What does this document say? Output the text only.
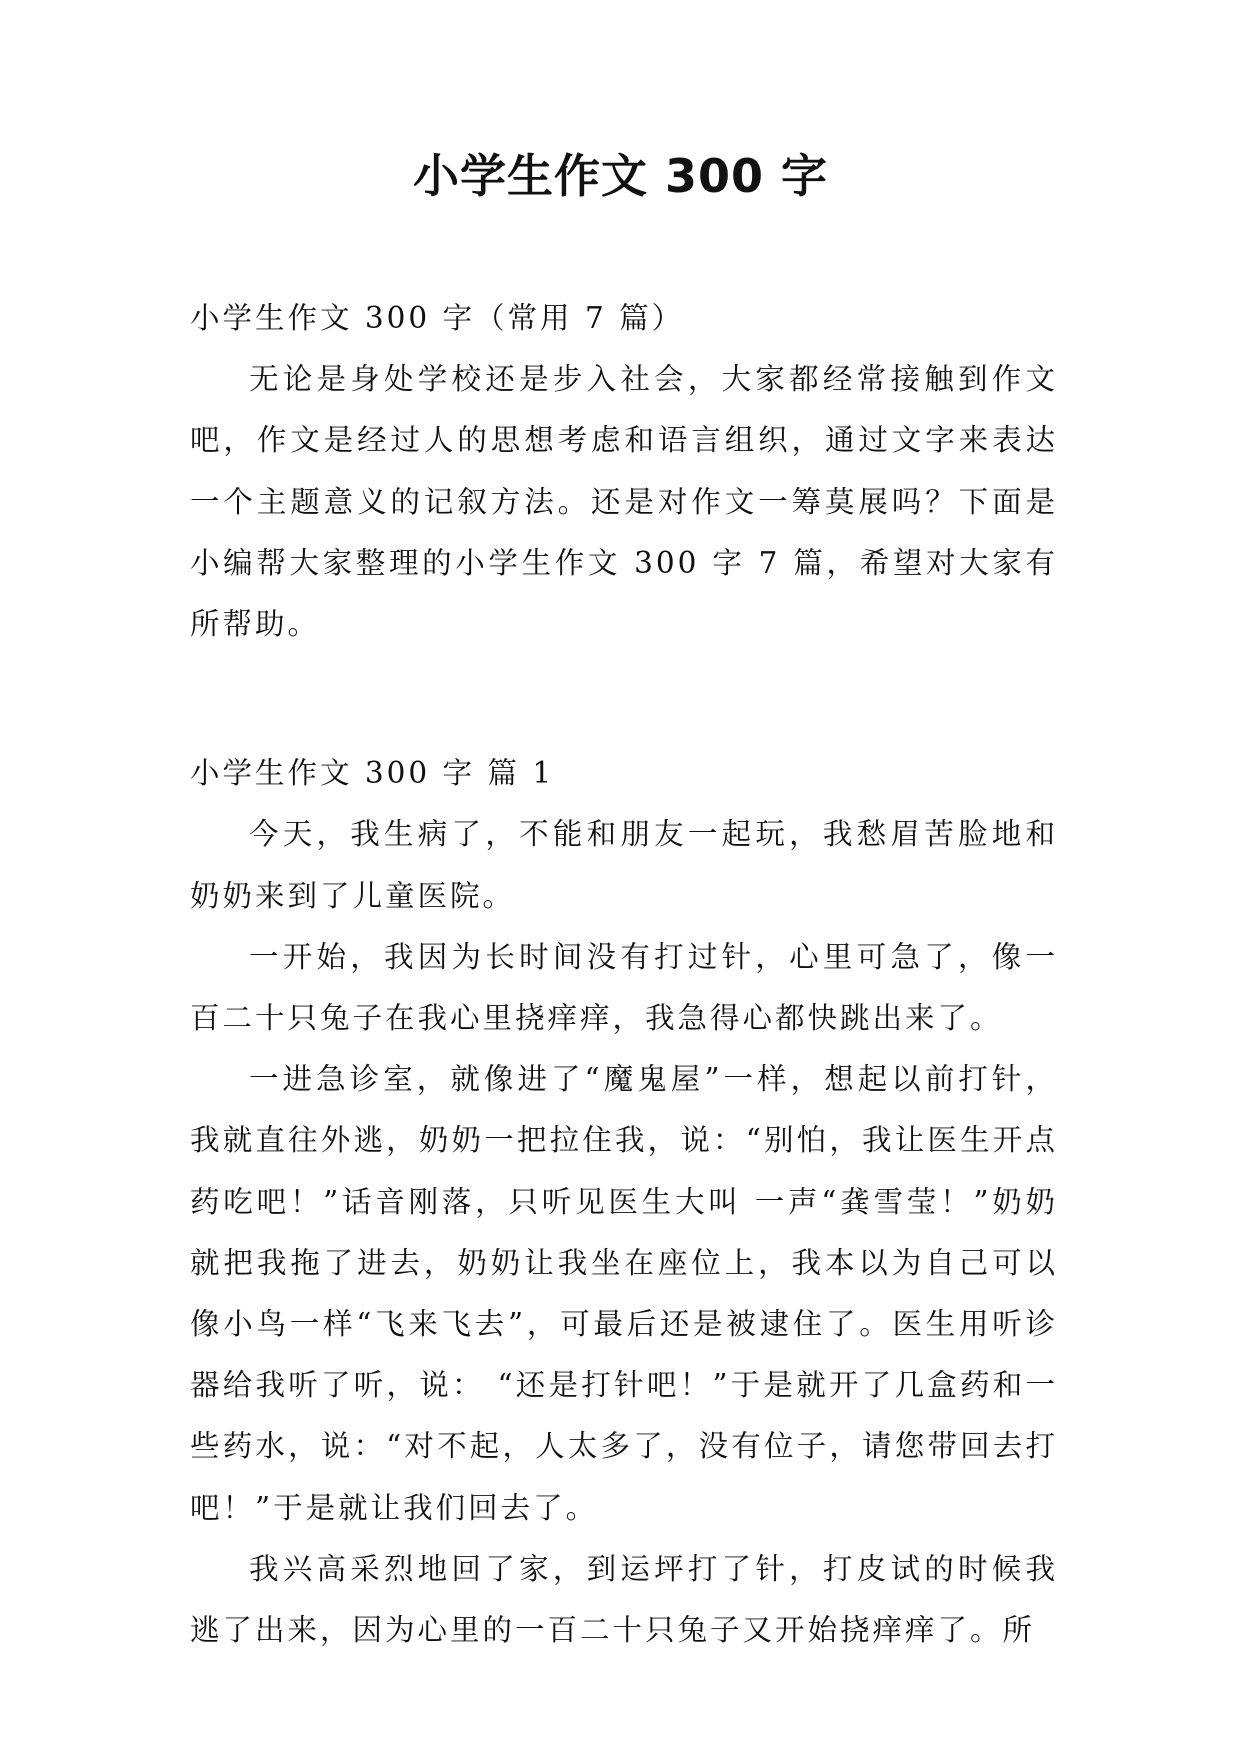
小学生作文 300 字

小学生作文 300 字（常用 7 篇）

无论是身处学校还是步入社会，大家都经常接触到作文吧，作文是经过人的思想考虑和语言组织，通过文字来表达一个主题意义的记叙方法。还是对作文一筹莫展吗？下面是小编帮大家整理的小学生作文 300 字 7 篇，希望对大家有所帮助。

小学生作文 300 字 篇 1

今天，我生病了，不能和朋友一起玩，我愁眉苦脸地和奶奶来到了儿童医院。

一开始，我因为长时间没有打过针，心里可急了，像一百二十只兔子在我心里挠痒痒，我急得心都快跳出来了。

一进急诊室，就像进了“魔鬼屋”一样，想起以前打针，我就直往外逃，奶奶一把拉住我，说：“别怕，我让医生开点药吃吧！”话音刚落，只听见医生大叫 一声“龚雪莹！”奶奶就把我拖了进去，奶奶让我坐在座位上，我本以为自己可以像小鸟一样“飞来飞去”，可最后还是被逮住了。医生用听诊器给我听了听，说： “还是打针吧！”于是就开了几盒药和一些药水，说：“对不起，人太多了，没有位子，请您带回去打吧！”于是就让我们回去了。

我兴高采烈地回了家，到运坪打了针，打皮试的时候我逃了出来，因为心里的一百二十只兔子又开始挠痒痒了。所
